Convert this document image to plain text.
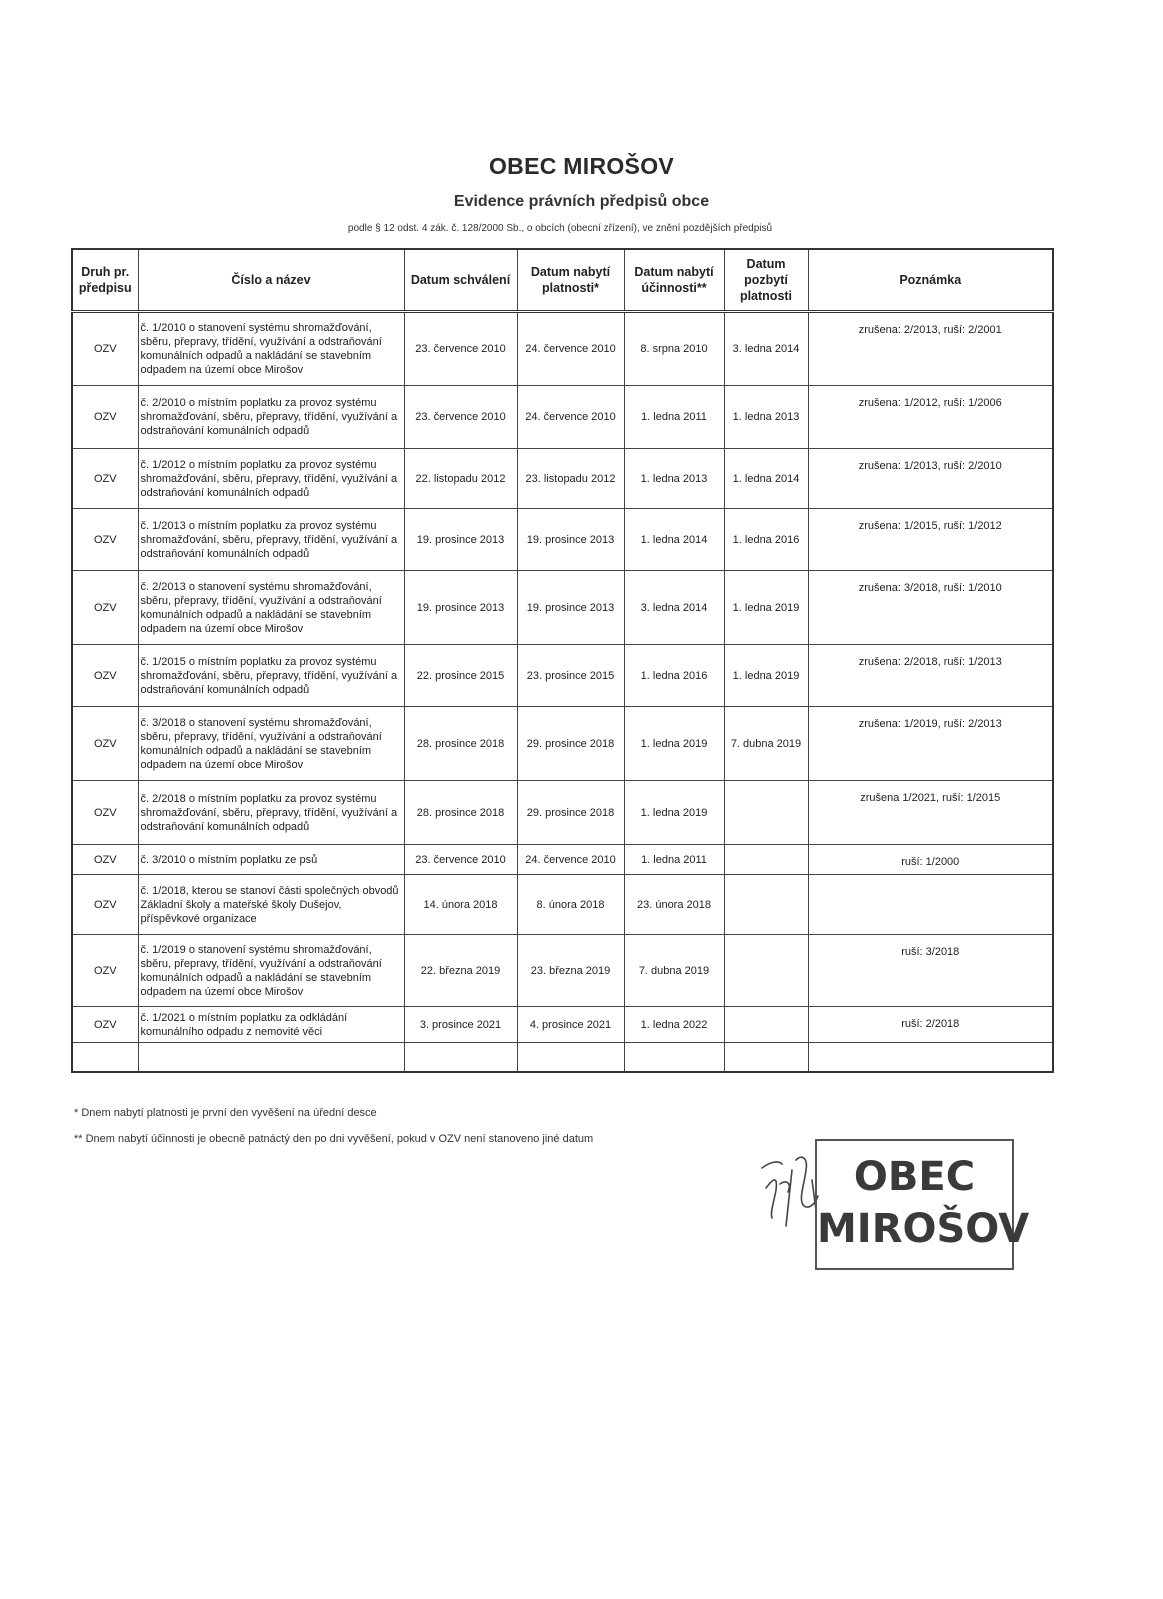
OBEC MIROŠOV
Evidence právních předpisů obce
podle § 12 odst. 4 zák. č. 128/2000 Sb., o obcích (obecní zřízení), ve znění pozdějších předpisů
Druh pr. předpisu	Číslo a název	Datum schválení	Datum nabytí platnosti*	Datum nabytí účinnosti**	Datum pozbytí platnosti	Poznámka
OZV	č. 1/2010 o stanovení systému shromažďování, sběru, přepravy, třídění, využívání a odstraňování komunálních odpadů a nakládání se stavebním odpadem na území obce Mirošov	23. července 2010	24. července 2010	8. srpna 2010	3. ledna 2014	zrušena: 2/2013, ruší: 2/2001
OZV	č. 2/2010 o místním poplatku za provoz systému shromažďování, sběru, přepravy, třídění, využívání a odstraňování komunálních odpadů	23. července 2010	24. července 2010	1. ledna 2011	1. ledna 2013	zrušena: 1/2012, ruší: 1/2006
OZV	č. 1/2012 o místním poplatku za provoz systému shromažďování, sběru, přepravy, třídění, využívání a odstraňování komunálních odpadů	22. listopadu 2012	23. listopadu 2012	1. ledna 2013	1. ledna 2014	zrušena: 1/2013, ruší: 2/2010
OZV	č. 1/2013 o místním poplatku za provoz systému shromažďování, sběru, přepravy, třídění, využívání a odstraňování komunálních odpadů	19. prosince 2013	19. prosince 2013	1. ledna 2014	1. ledna 2016	zrušena: 1/2015, ruší: 1/2012
OZV	č. 2/2013 o stanovení systému shromažďování, sběru, přepravy, třídění, využívání a odstraňování komunálních odpadů a nakládání se stavebním odpadem na území obce Mirošov	19. prosince 2013	19. prosince 2013	3. ledna 2014	1. ledna 2019	zrušena: 3/2018, ruší: 1/2010
OZV	č. 1/2015 o místním poplatku za provoz systému shromažďování, sběru, přepravy, třídění, využívání a odstraňování komunálních odpadů	22. prosince 2015	23. prosince 2015	1. ledna 2016	1. ledna 2019	zrušena: 2/2018, ruší: 1/2013
OZV	č. 3/2018 o stanovení systému shromažďování, sběru, přepravy, třídění, využívání a odstraňování komunálních odpadů a nakládání se stavebním odpadem na území obce Mirošov	28. prosince 2018	29. prosince 2018	1. ledna 2019	7. dubna 2019	zrušena: 1/2019, ruší: 2/2013
OZV	č. 2/2018 o místním poplatku za provoz systému shromažďování, sběru, přepravy, třídění, využívání a odstraňování komunálních odpadů	28. prosince 2018	29. prosince 2018	1. ledna 2019		zrušena 1/2021, ruší: 1/2015
OZV	č. 3/2010 o místním poplatku ze psů	23. července 2010	24. července 2010	1. ledna 2011		ruší: 1/2000
OZV	č. 1/2018, kterou se stanoví části společných obvodů Základní školy a mateřské školy Dušejov, příspěvkové organizace	14. února 2018	8. února 2018	23. února 2018		
OZV	č. 1/2019 o stanovení systému shromažďování, sběru, přepravy, třídění, využívání a odstraňování komunálních odpadů a nakládání se stavebním odpadem na území obce Mirošov	22. března 2019	23. března 2019	7. dubna 2019		ruší: 3/2018
OZV	č. 1/2021 o místním poplatku za odkládání komunálního odpadu z nemovité věci	3. prosince 2021	4. prosince 2021	1. ledna 2022		ruší: 2/2018

* Dnem nabytí platnosti je první den vyvěšení na úřední desce
** Dnem nabytí účinnosti je obecně patnáctý den po dni vyvěšení, pokud v OZV není stanoveno jiné datum
OBEC
MIROŠOV
